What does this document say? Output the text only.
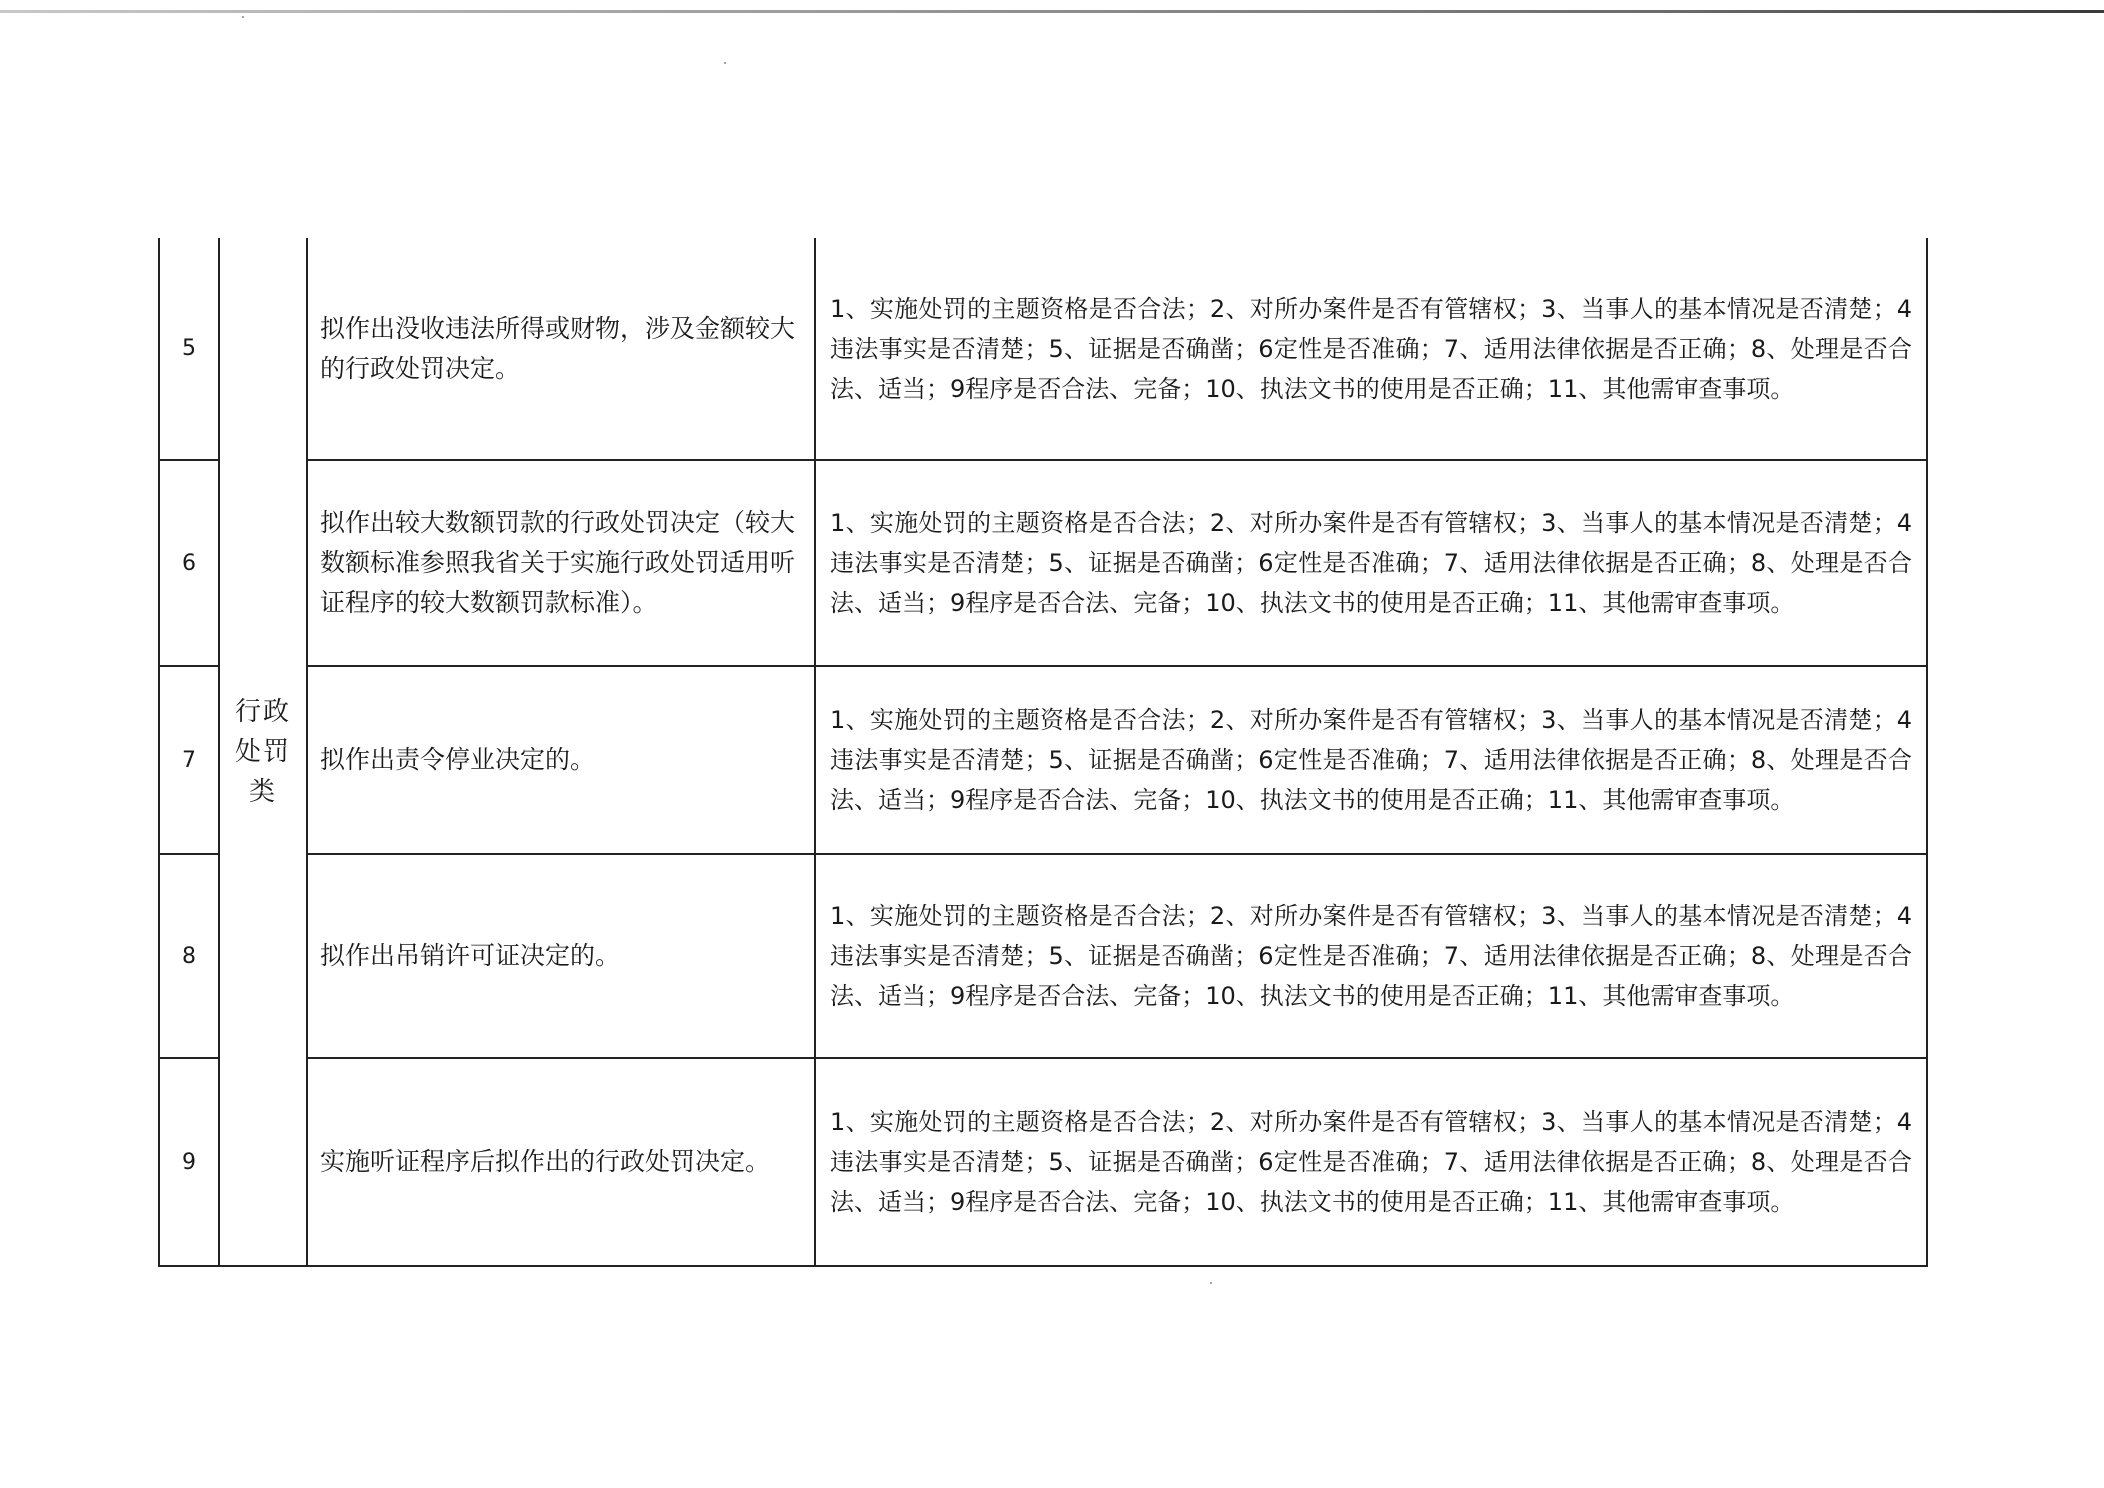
5	行政处罚类	拟作出没收违法所得或财物，涉及金额较大的行政处罚决定。	1、实施处罚的主题资格是否合法；2、对所办案件是否有管辖权；3、当事人的基本情况是否清楚；4违法事实是否清楚；5、证据是否确凿；6定性是否准确；7、适用法律依据是否正确；8、处理是否合法、适当；9程序是否合法、完备；10、执法文书的使用是否正确；11、其他需审查事项。
6		拟作出较大数额罚款的行政处罚决定（较大数额标准参照我省关于实施行政处罚适用听证程序的较大数额罚款标准）。	1、实施处罚的主题资格是否合法；2、对所办案件是否有管辖权；3、当事人的基本情况是否清楚；4违法事实是否清楚；5、证据是否确凿；6定性是否准确；7、适用法律依据是否正确；8、处理是否合法、适当；9程序是否合法、完备；10、执法文书的使用是否正确；11、其他需审查事项。
7		拟作出责令停业决定的。	1、实施处罚的主题资格是否合法；2、对所办案件是否有管辖权；3、当事人的基本情况是否清楚；4违法事实是否清楚；5、证据是否确凿；6定性是否准确；7、适用法律依据是否正确；8、处理是否合法、适当；9程序是否合法、完备；10、执法文书的使用是否正确；11、其他需审查事项。
8		拟作出吊销许可证决定的。	1、实施处罚的主题资格是否合法；2、对所办案件是否有管辖权；3、当事人的基本情况是否清楚；4违法事实是否清楚；5、证据是否确凿；6定性是否准确；7、适用法律依据是否正确；8、处理是否合法、适当；9程序是否合法、完备；10、执法文书的使用是否正确；11、其他需审查事项。
9		实施听证程序后拟作出的行政处罚决定。	1、实施处罚的主题资格是否合法；2、对所办案件是否有管辖权；3、当事人的基本情况是否清楚；4违法事实是否清楚；5、证据是否确凿；6定性是否准确；7、适用法律依据是否正确；8、处理是否合法、适当；9程序是否合法、完备；10、执法文书的使用是否正确；11、其他需审查事项。
